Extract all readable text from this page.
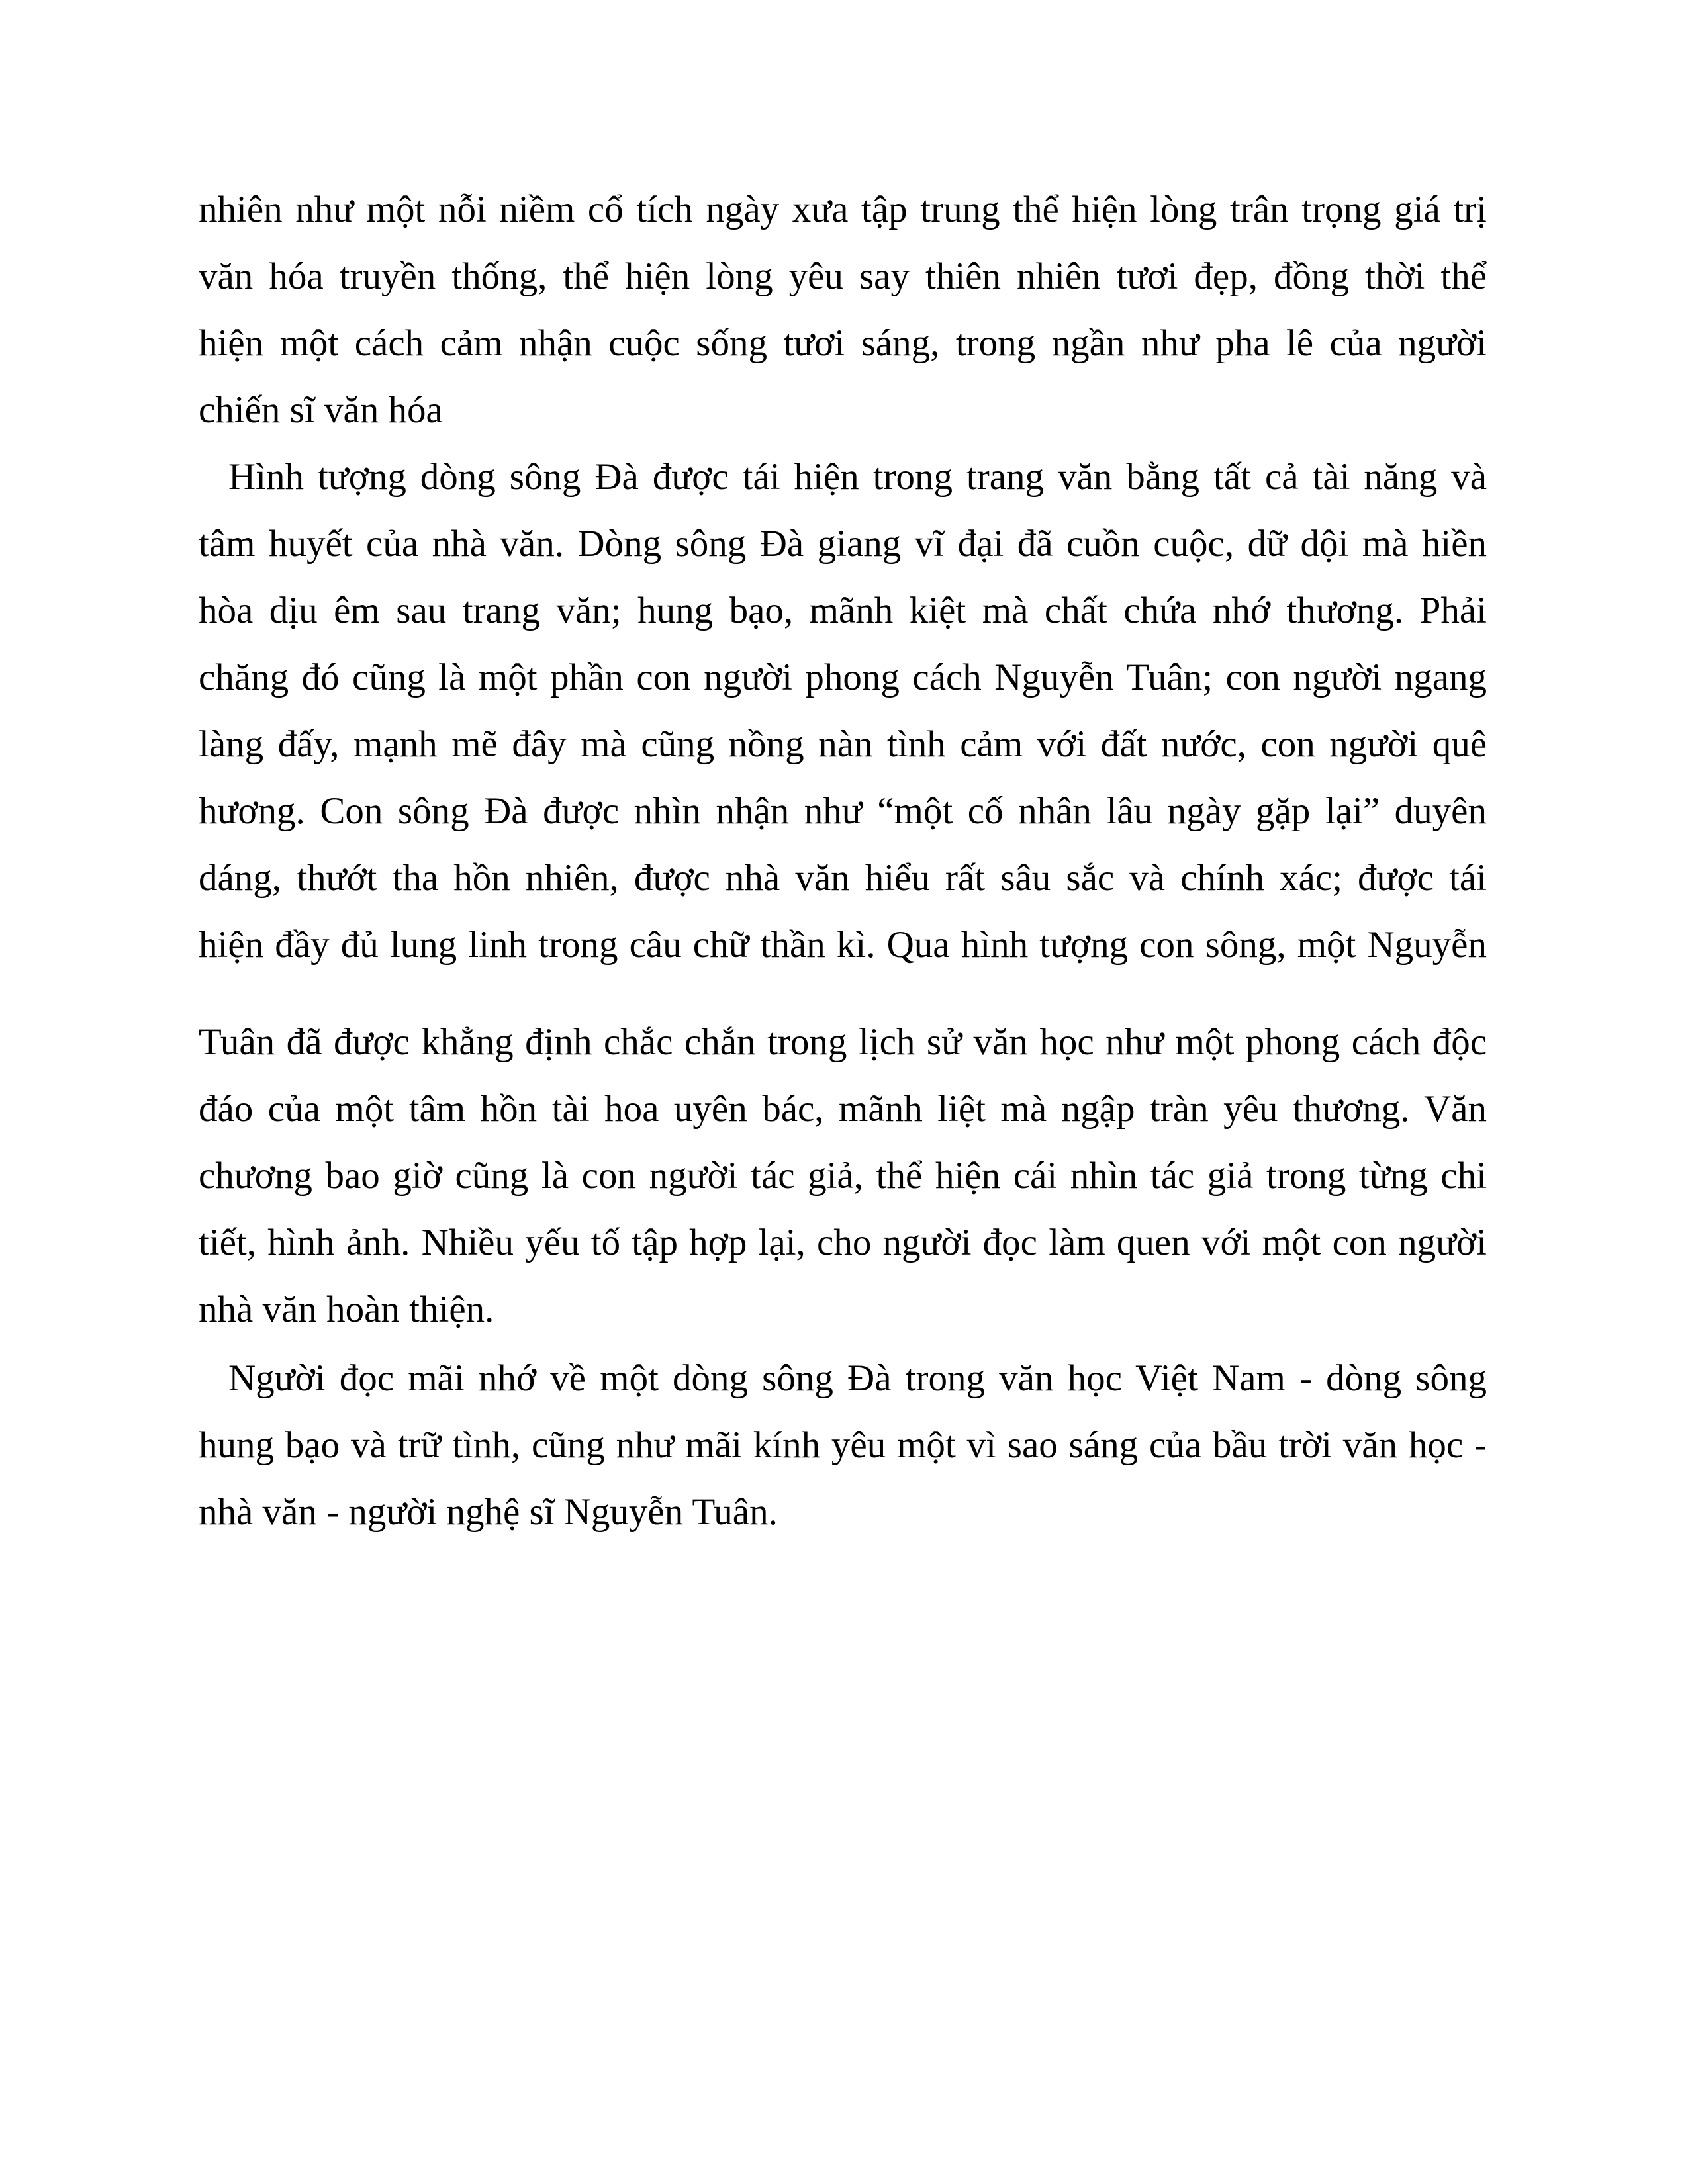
nhiên như một nỗi niềm cổ tích ngày xưa tập trung thể hiện lòng trân trọng giá trị
văn hóa truyền thống, thể hiện lòng yêu say thiên nhiên tươi đẹp, đồng thời thể
hiện một cách cảm nhận cuộc sống tươi sáng, trong ngần như pha lê của người
chiến sĩ văn hóa
Hình tượng dòng sông Đà được tái hiện trong trang văn bằng tất cả tài năng và
tâm huyết của nhà văn. Dòng sông Đà giang vĩ đại đã cuồn cuộc, dữ dội mà hiền
hòa dịu êm sau trang văn; hung bạo, mãnh kiệt mà chất chứa nhớ thương. Phải
chăng đó cũng là một phần con người phong cách Nguyễn Tuân; con người ngang
làng đấy, mạnh mẽ đây mà cũng nồng nàn tình cảm với đất nước, con người quê
hương. Con sông Đà được nhìn nhận như “một cố nhân lâu ngày gặp lại” duyên
dáng, thướt tha hồn nhiên, được nhà văn hiểu rất sâu sắc và chính xác; được tái
hiện đầy đủ lung linh trong câu chữ thần kì. Qua hình tượng con sông, một Nguyễn
Tuân đã được khẳng định chắc chắn trong lịch sử văn học như một phong cách độc
đáo của một tâm hồn tài hoa uyên bác, mãnh liệt mà ngập tràn yêu thương. Văn
chương bao giờ cũng là con người tác giả, thể hiện cái nhìn tác giả trong từng chi
tiết, hình ảnh. Nhiều yếu tố tập hợp lại, cho người đọc làm quen với một con người
nhà văn hoàn thiện.
Người đọc mãi nhớ về một dòng sông Đà trong văn học Việt Nam - dòng sông
hung bạo và trữ tình, cũng như mãi kính yêu một vì sao sáng của bầu trời văn học -
nhà văn - người nghệ sĩ Nguyễn Tuân.
